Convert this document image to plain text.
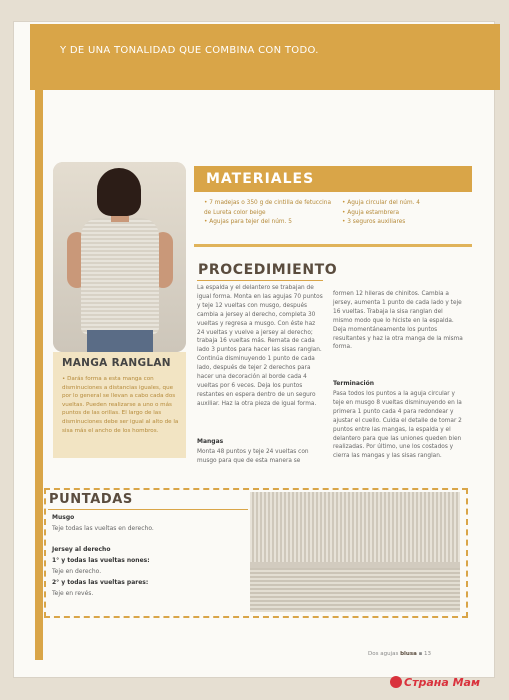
Y DE UNA TONALIDAD QUE COMBINA CON TODO.
MANGA RANGLAN
• Darás forma a esta manga con disminuciones a distancias iguales, que por lo general se llevan a cabo cada dos vueltas. Pueden realizarse a uno o más puntos de las orillas. El largo de las disminuciones debe ser igual al alto de la sisa más el ancho de los hombros.
MATERIALES
• 7 madejas o 350 g de cintilla de fetuccina de Lureta color beige
• Agujas para tejer del núm. 5
• Aguja circular del núm. 4
• Aguja estambrera
• 3 seguros auxiliares
PROCEDIMIENTO
La espalda y el delantero se trabajan de igual forma. Monta en las agujas 70 puntos y teje 12 vueltas con musgo, después cambia a jersey al derecho, completa 30 vueltas y regresa a musgo. Con éste haz 24 vueltas y vuelve a jersey al derecho; trabaja 16 vueltas más. Remata de cada lado 3 puntos para hacer las sisas ranglan. Continúa disminuyendo 1 punto de cada lado, después de tejer 2 derechos para hacer una decoración al borde cada 4 vueltas por 6 veces. Deja los puntos restantes en espera dentro de un seguro auxiliar. Haz la otra pieza de igual forma.
Mangas
Monta 48 puntos y teje 24 vueltas con musgo para que de esta manera se
formen 12 hileras de chinitos. Cambia a jersey, aumenta 1 punto de cada lado y teje 16 vueltas. Trabaja la sisa ranglan del mismo modo que lo hiciste en la espalda. Deja momentáneamente los puntos resultantes y haz la otra manga de la misma forma.
Terminación
Pasa todos los puntos a la aguja circular y teje en musgo 8 vueltas disminuyendo en la primera 1 punto cada 4 para redondear y ajustar el cuello. Cuida el detalle de tomar 2 puntos entre las mangas, la espalda y el delantero para que las uniones queden bien realizadas. Por último, une los costados y cierra las mangas y las sisas ranglan.
PUNTADAS
Musgo
Teje todas las vueltas en derecho.
Jersey al derecho
1° y todas las vueltas nones:
Teje en derecho.
2° y todas las vueltas pares:
Teje en revés.
Dos agujas blusa ▪ 13
Страна Мам
